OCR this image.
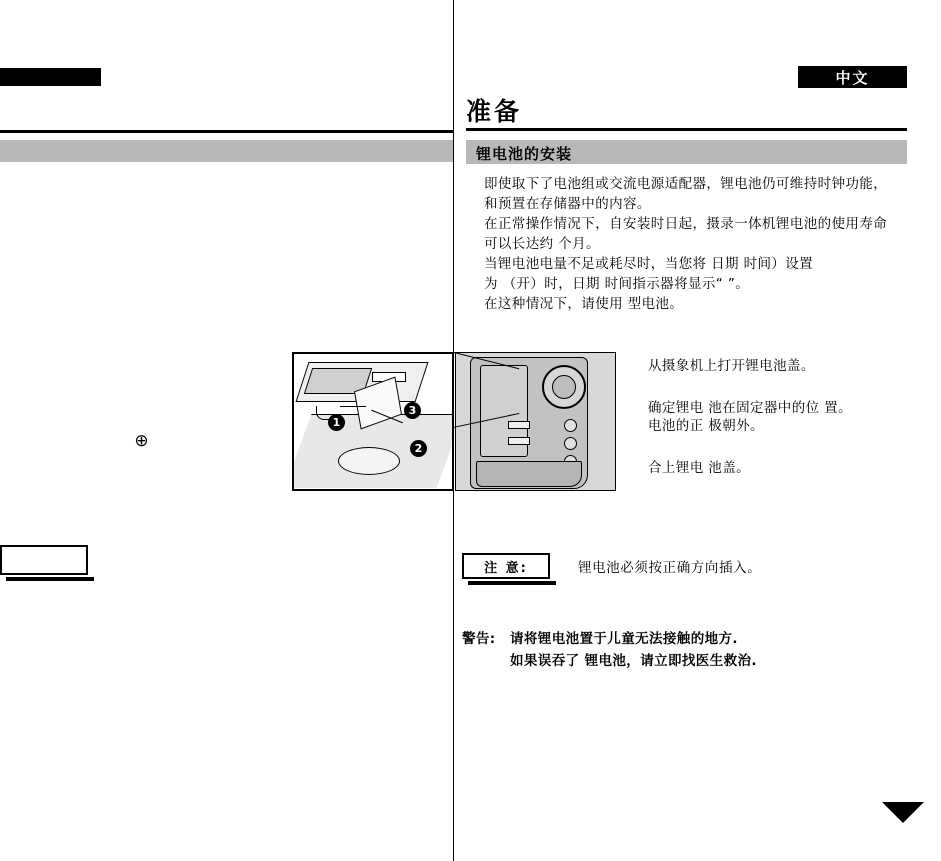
⊕
中文
准备
锂电池的安装

即使取下了电池组或交流电源适配器，锂电池仍可维持时钟功能，

和预置在存储器中的内容。

在正常操作情况下，自安装时日起，摄录一体机锂电池的使用寿命

可以长达约 个月。

当锂电池电量不足或耗尽时，当您将 日期 时间）设置

为 （开）时，日期 时间指示器将显示“ ”。

在这种情况下，请使用 型电池。

1
2
3
从摄象机上打开锂电池盖。
确定锂电 池在固定器中的位 置。
电池的正 极朝外。
合上锂电 池盖。
注 意:	锂电池必须按正确方向插入。
警告: 请将锂电池置于儿童无法接触的地方.
如果误吞了 锂电池，请立即找医生救治.
